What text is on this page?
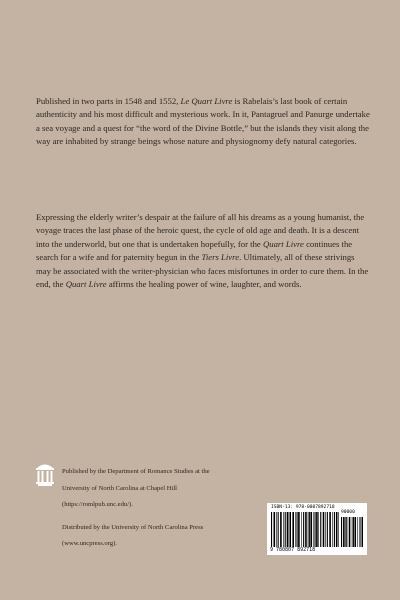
Published in two parts in 1548 and 1552, Le Quart Livre is Rabelais’s last book of certain authenticity and his most difficult and mysterious work. In it, Pantagruel and Panurge undertake a sea voyage and a quest for “the word of the Divine Bottle,” but the islands they visit along the way are inhabited by strange beings whose nature and physiognomy defy natural categories.

Expressing the elderly writer’s despair at the failure of all his dreams as a young humanist, the voyage traces the last phase of the heroic quest, the cycle of old age and death. It is a descent into the underworld, but one that is undertaken hopefully, for the Quart Livre continues the search for a wife and for paternity begun in the Tiers Livre. Ultimately, all of these strivings may be associated with the writer-physician who faces misfortunes in order to cure them. In the end, the Quart Livre affirms the healing power of wine, laughter, and words.

Published by the Department of Romance Studies at the

University of North Carolina at Chapel Hill

(https://romlpub.unc.edu/).

Distributed by the University of North Carolina Press

(www.uncpress.org).

ISBN-13: 978-0807892718
9 780807 892718
90000
